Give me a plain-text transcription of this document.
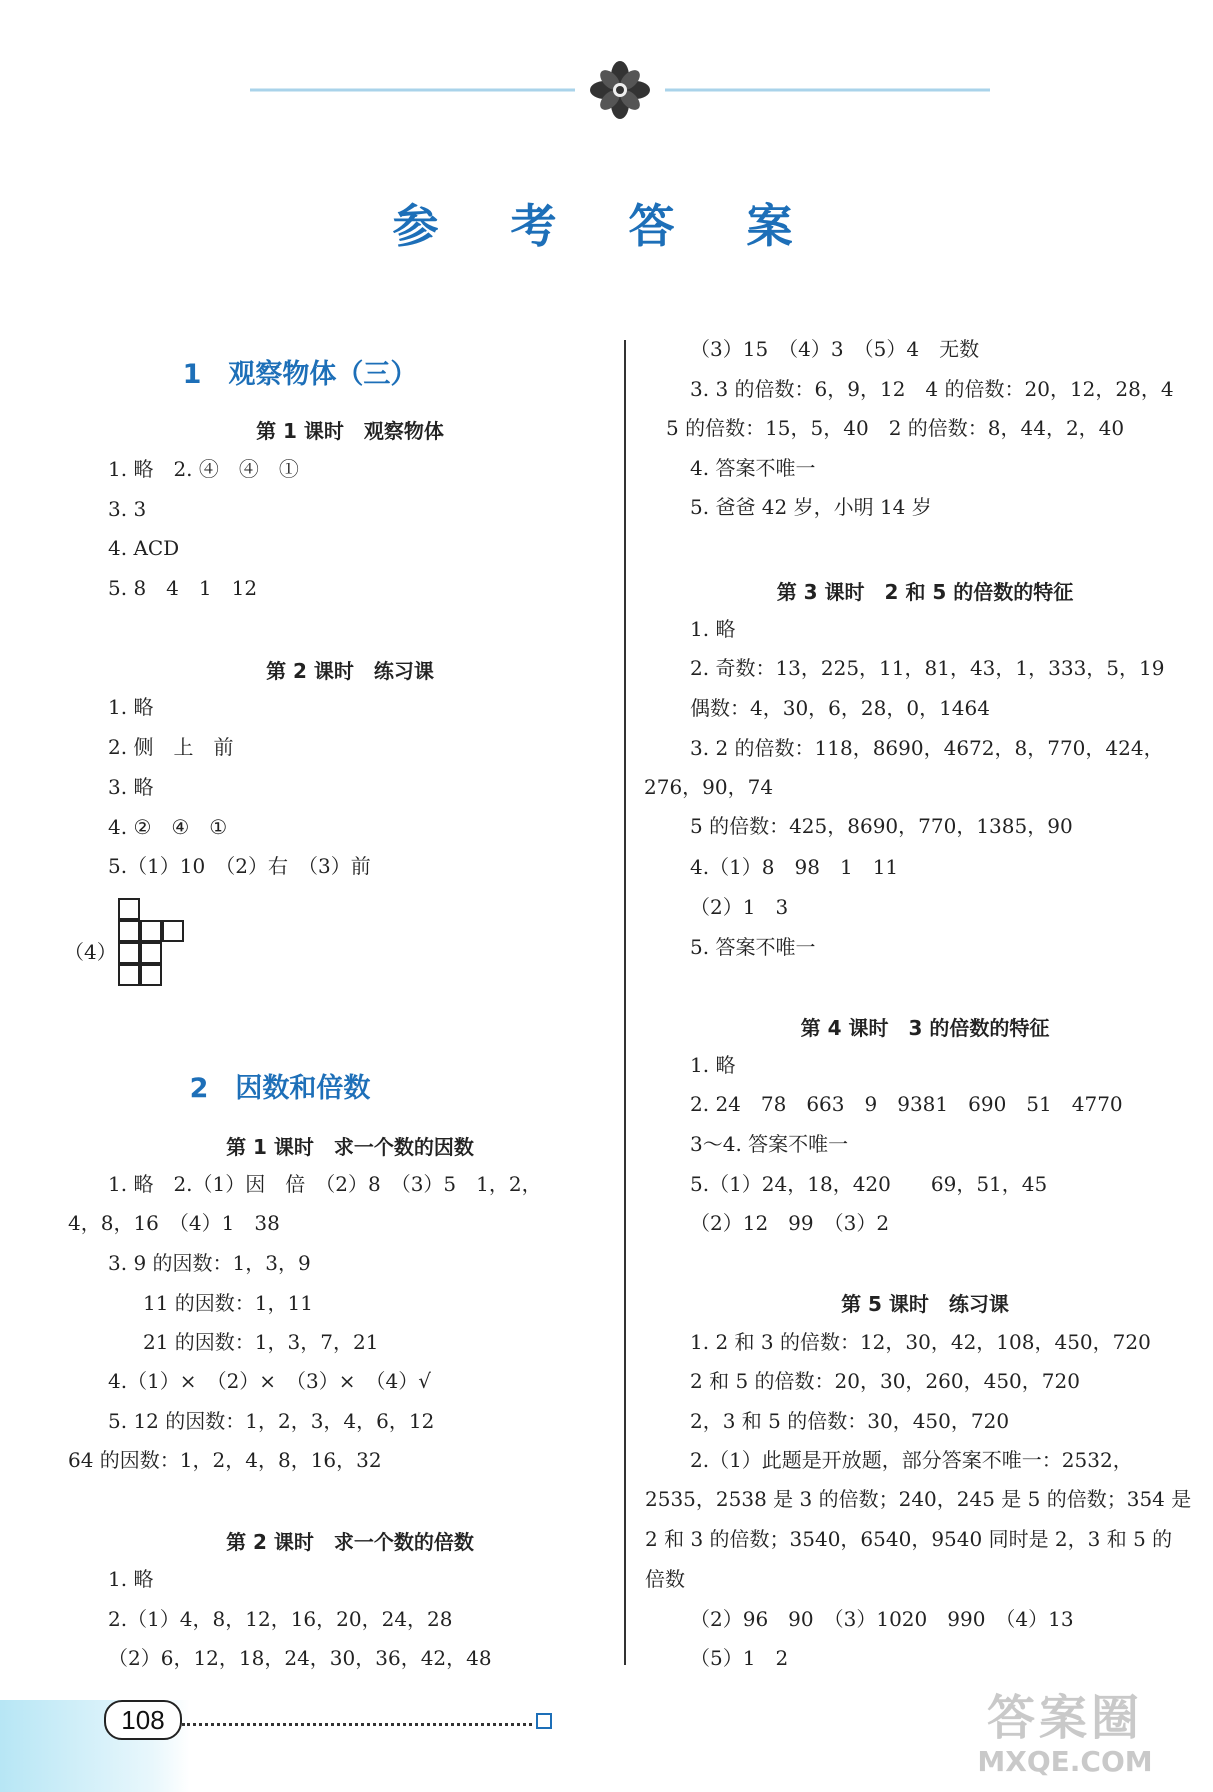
参 考 答 案
1　观察物体（三）
第 1 课时　观察物体
1. 略　2. ④　④　①
3. 3
4. ACD
5. 8　4　1　12
第 2 课时　练习课
1. 略
2. 侧　上　前
3. 略
4. ②　④　①
5.（1）10　（2）右　（3）前
（4）
2　因数和倍数
第 1 课时　求一个数的因数
1. 略　2.（1）因　倍　（2）8　（3）5　1，2，
4，8，16　（4）1　38
3. 9 的因数：1，3，9
11 的因数：1，11
21 的因数：1，3，7，21
4.（1）×　（2）×　（3）×　（4）√
5. 12 的因数：1，2，3，4，6，12
64 的因数：1，2，4，8，16，32
第 2 课时　求一个数的倍数
1. 略
2.（1）4，8，12，16，20，24，28
（2）6，12，18，24，30，36，42，48
（3）15　（4）3　（5）4　无数
3. 3 的倍数：6，9，12　4 的倍数：20，12，28，4
5 的倍数：15，5，40　2 的倍数：8，44，2，40
4. 答案不唯一
5. 爸爸 42 岁，小明 14 岁
第 3 课时　2 和 5 的倍数的特征
1. 略
2. 奇数：13，225，11，81，43，1，333，5，19
偶数：4，30，6，28，0，1464
3. 2 的倍数：118，8690，4672，8，770，424，
276，90，74
5 的倍数：425，8690，770，1385，90
4.（1）8　98　1　11
（2）1　3
5. 答案不唯一
第 4 课时　3 的倍数的特征
1. 略
2. 24　78　663　9　9381　690　51　4770
3～4. 答案不唯一
5.（1）24，18，420　　69，51，45
（2）12　99　（3）2
第 5 课时　练习课
1. 2 和 3 的倍数：12，30，42，108，450，720
2 和 5 的倍数：20，30，260，450，720
2，3 和 5 的倍数：30，450，720
2.（1）此题是开放题，部分答案不唯一：2532，
2535，2538 是 3 的倍数；240，245 是 5 的倍数；354 是
2 和 3 的倍数；3540，6540，9540 同时是 2，3 和 5 的
倍数
（2）96　90　（3）1020　990　（4）13
（5）1　2
108	答案圈
MXQE.COM
